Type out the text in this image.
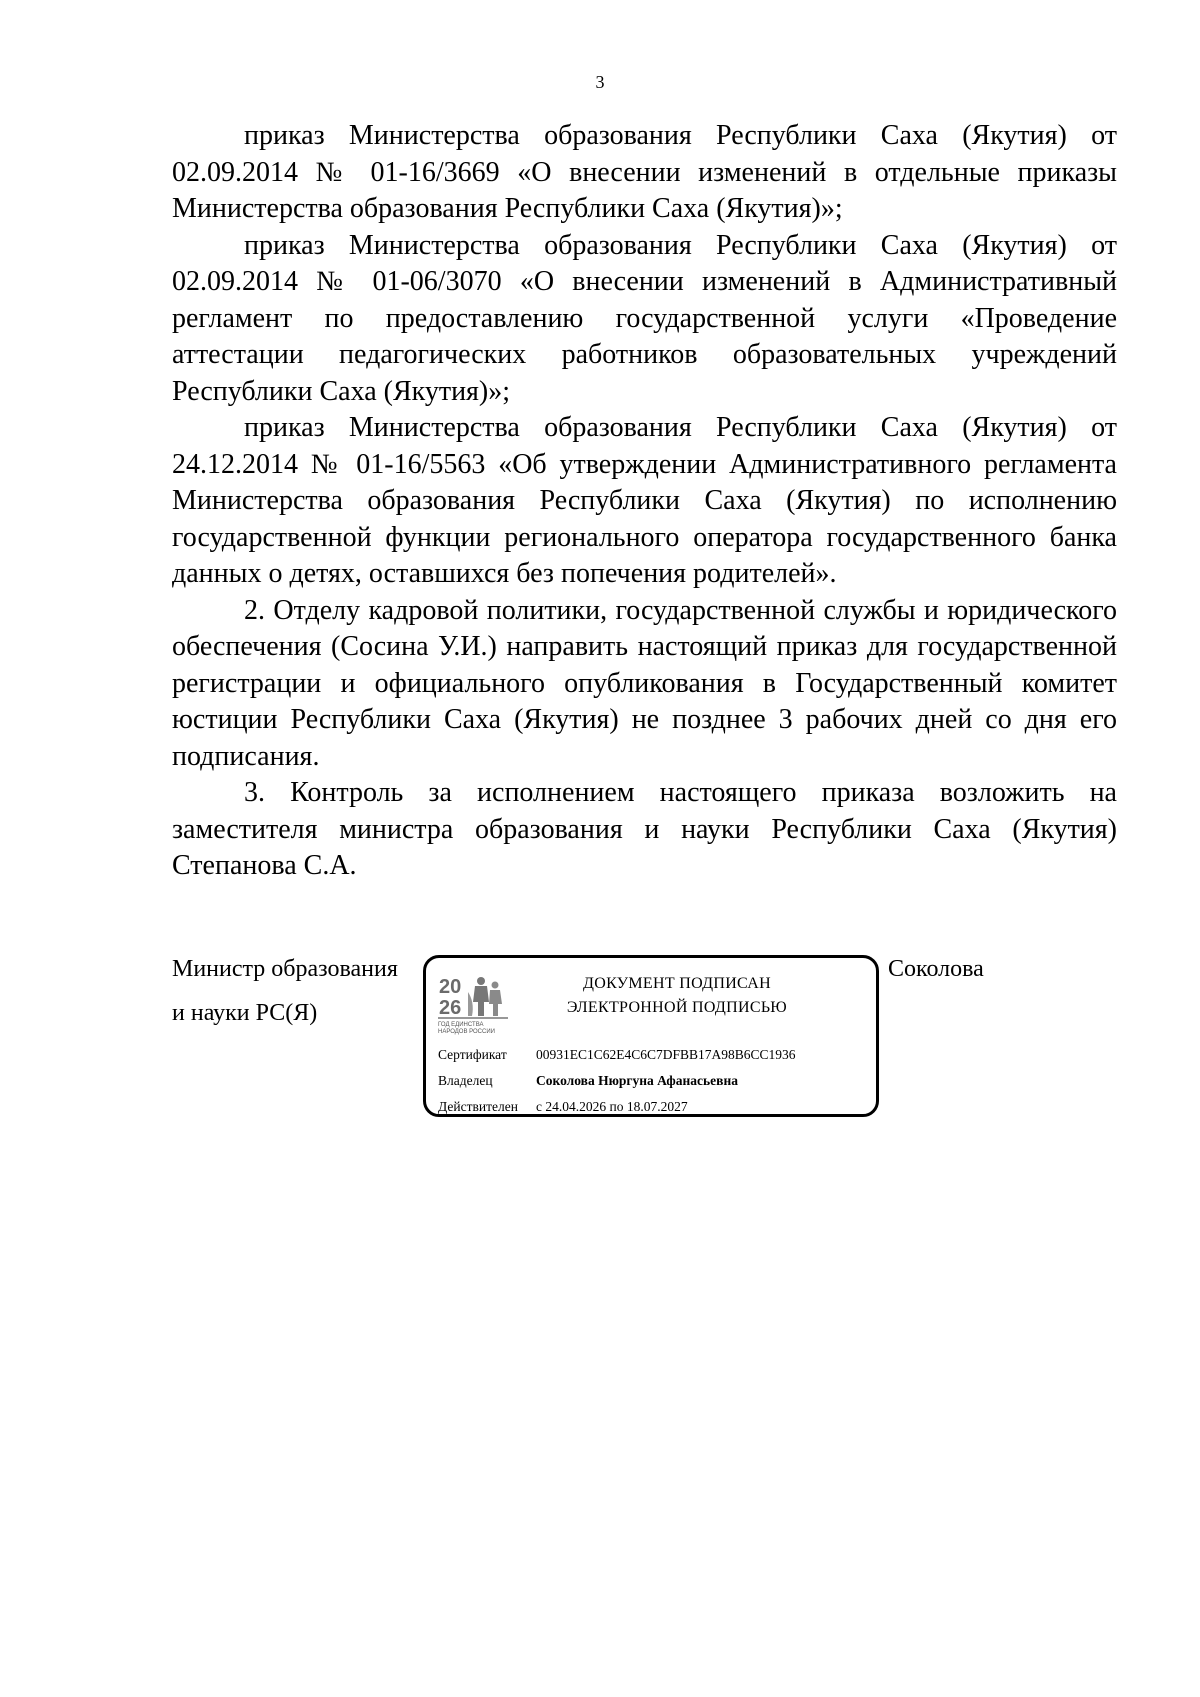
3

приказ Министерства образования Республики Саха (Якутия) от 02.09.2014 № 01-16/3669 «О внесении изменений в отдельные приказы Министерства образования Республики Саха (Якутия)»;

приказ Министерства образования Республики Саха (Якутия) от 02.09.2014 № 01-06/3070 «О внесении изменений в Административный регламент по предоставлению государственной услуги «Проведение аттестации педагогических работников образовательных учреждений Республики Саха (Якутия)»;

приказ Министерства образования Республики Саха (Якутия) от 24.12.2014 № 01-16/5563 «Об утверждении Административного регламента Министерства образования Республики Саха (Якутия) по исполнению государственной функции регионального оператора государственного банка данных о детях, оставшихся без попечения родителей».

2. Отделу кадровой политики, государственной службы и юридического обеспечения (Сосина У.И.) направить настоящий приказ для государственной регистрации и официального опубликования в Государственный комитет юстиции Республики Саха (Якутия) не позднее 3 рабочих дней со дня его подписания.

3. Контроль за исполнением настоящего приказа возложить на заместителя министра образования и науки Республики Саха (Якутия) Степанова С.А.

Министр образования
и науки РС(Я)
Соколова
20
26
ГОД ЕДИНСТВА
НАРОДОВ РОССИИ
ДОКУМЕНТ ПОДПИСАН
ЭЛЕКТРОННОЙ ПОДПИСЬЮ
Сертификат 00931EC1C62E4C6C7DFBB17A98B6CC1936
Владелец	Соколова Нюргуна Афанасьевна
Действителен с 24.04.2026 по 18.07.2027
